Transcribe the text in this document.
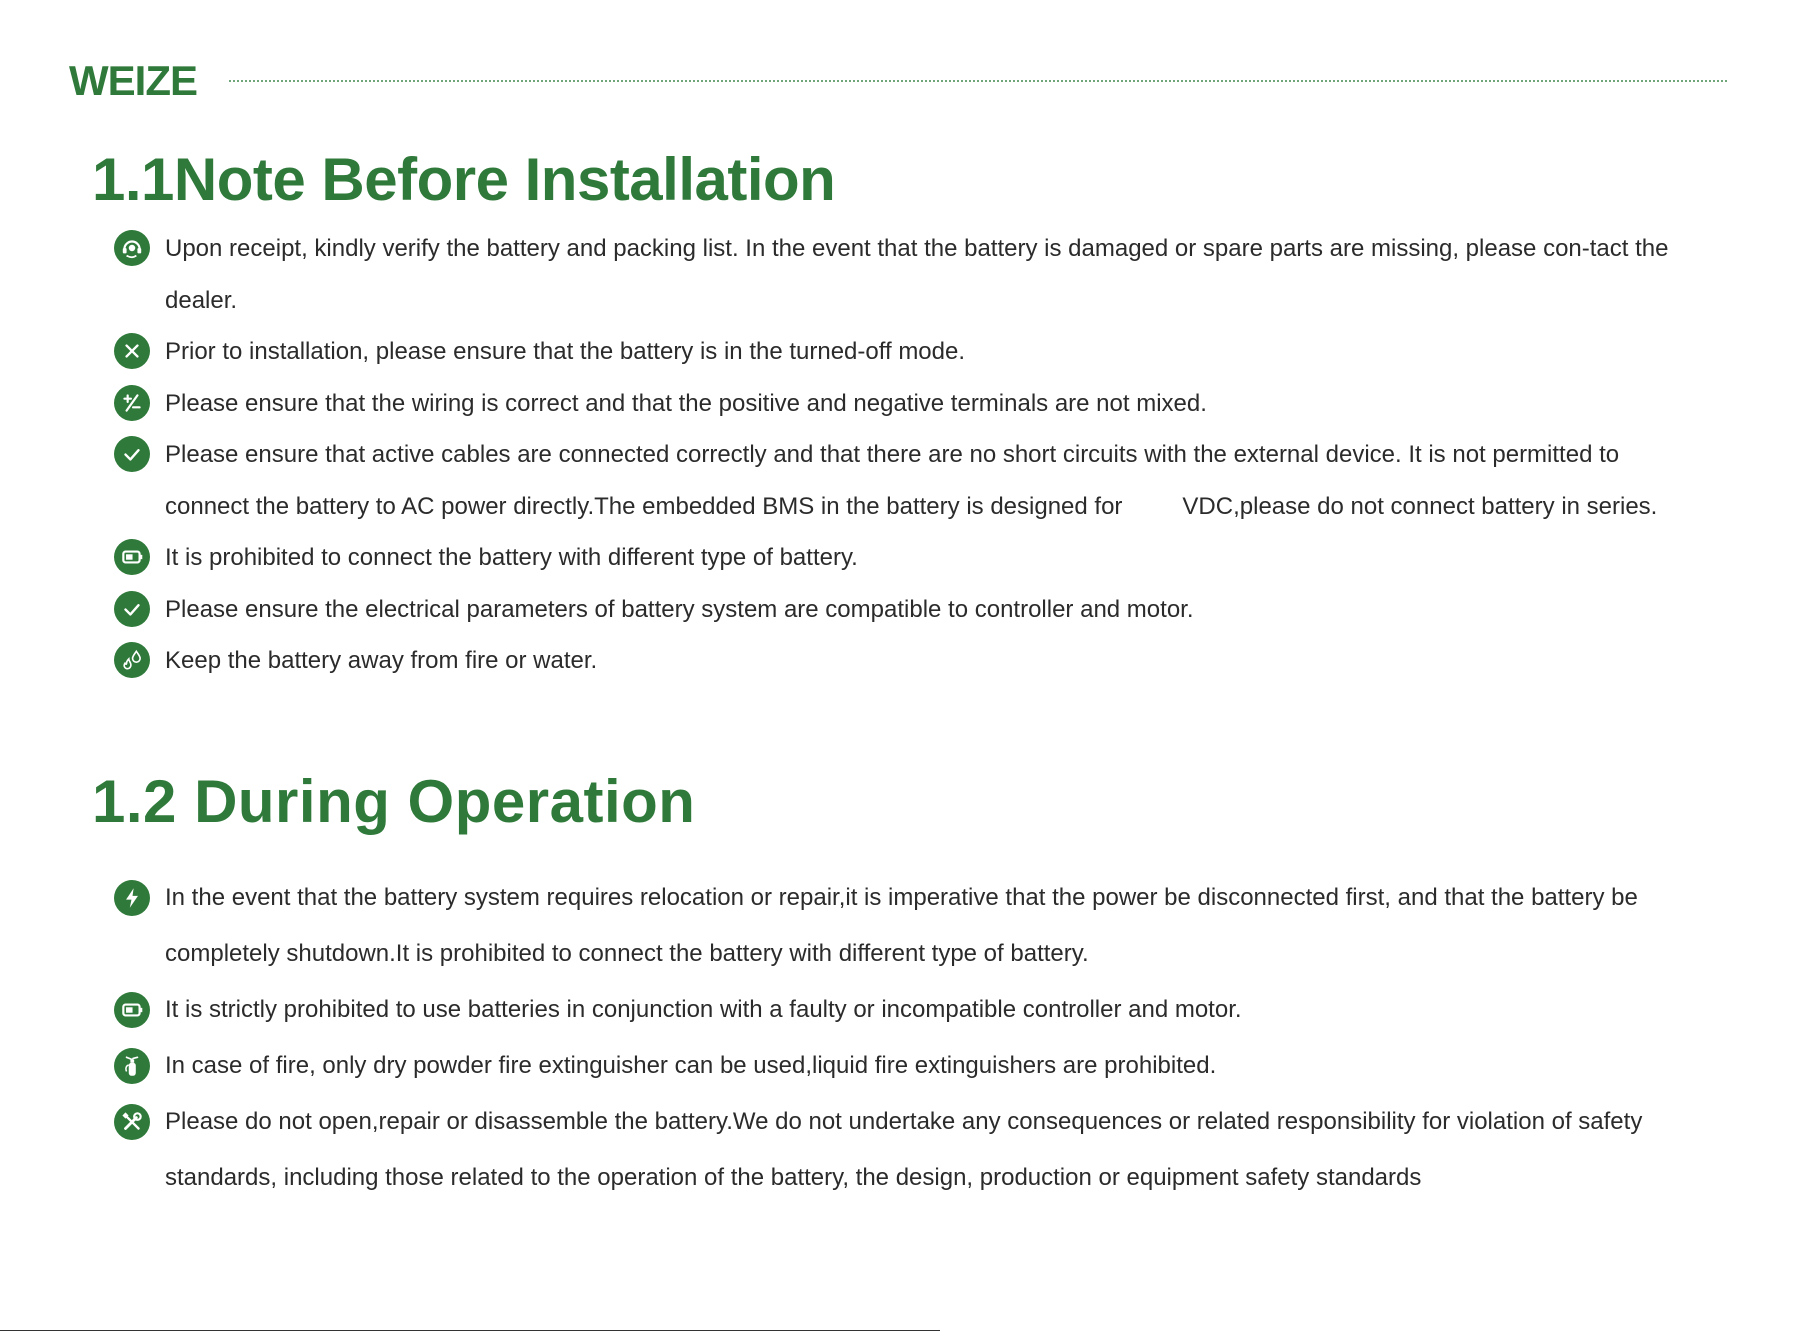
WEIZE
1.1Note Before Installation
Upon receipt, kindly verify the battery and packing list. In the event that the battery is damaged or spare parts are missing, please con-tact the dealer.
Prior to installation, please ensure that the battery is in the turned-off mode.
Please ensure that the wiring is correct and that the positive and negative terminals are not mixed.
Please ensure that active cables are connected correctly and that there are no short circuits with the external device. It is not permitted to connect the battery to AC power directly.The embedded BMS in the battery is designed for	VDC,please do not connect battery in series.
It is prohibited to connect the battery with different type of battery.
Please ensure the electrical parameters of battery system are compatible to controller and motor.
Keep the battery away from fire or water.
1.2 During Operation
In the event that the battery system requires relocation or repair,it is imperative that the power be disconnected first, and that the battery be completely shutdown.It is prohibited to connect the battery with different type of battery.
It is strictly prohibited to use batteries in conjunction with a faulty or incompatible controller and motor.
In case of fire, only dry powder fire extinguisher can be used,liquid fire extinguishers are prohibited.
Please do not open,repair or disassemble the battery.We do not undertake any consequences or related responsibility for violation of safety standards, including those related to the operation of the battery, the design, production or equipment safety standards
